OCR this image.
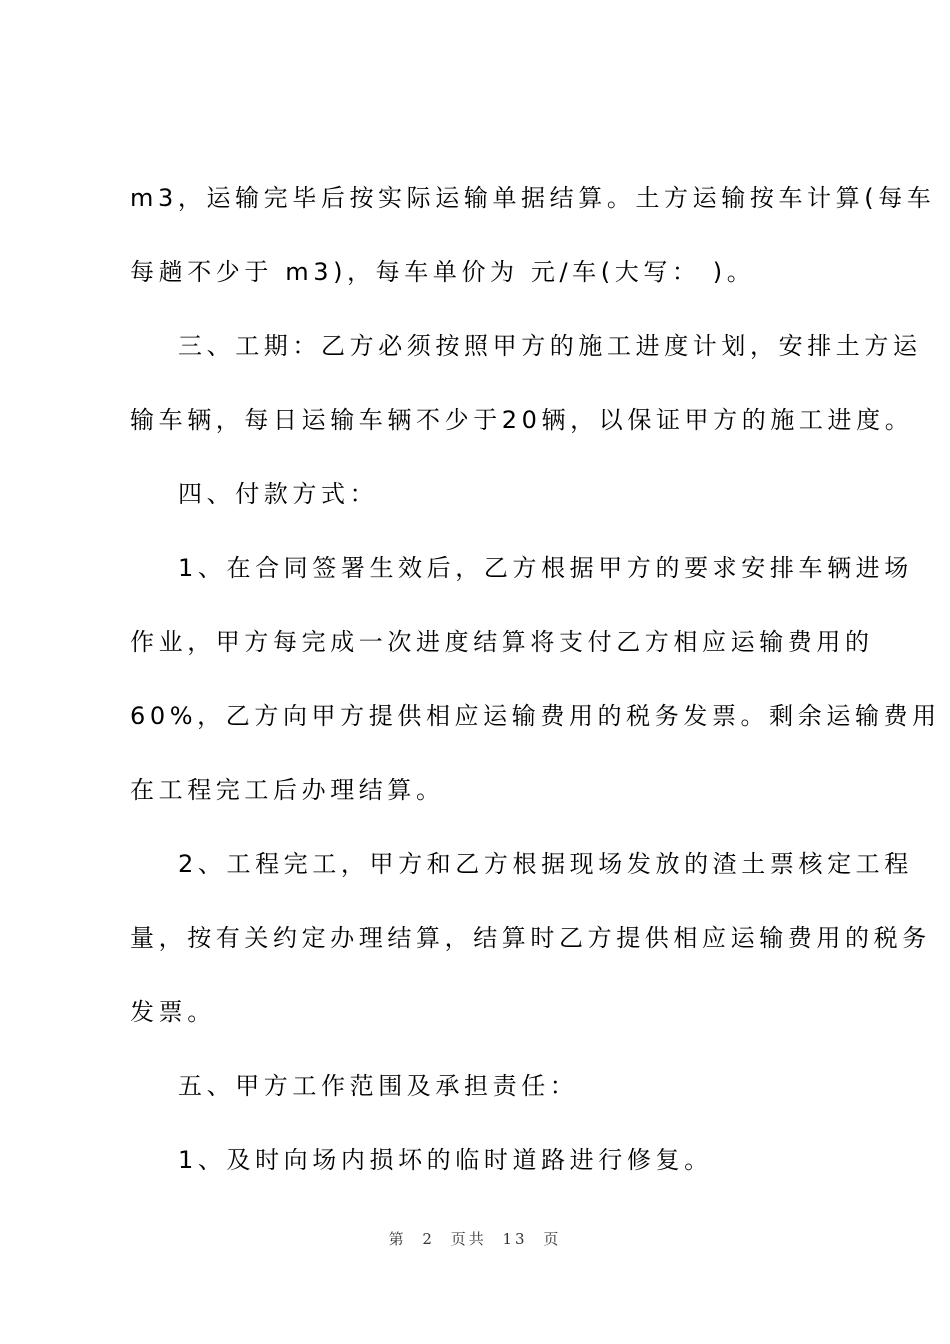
m3，运输完毕后按实际运输单据结算。土方运输按车计算(每车
每趟不少于 m3)，每车单价为 元/车(大写： )。
三、工期：乙方必须按照甲方的施工进度计划，安排土方运
输车辆，每日运输车辆不少于20辆，以保证甲方的施工进度。
四、付款方式：
1、在合同签署生效后，乙方根据甲方的要求安排车辆进场
作业，甲方每完成一次进度结算将支付乙方相应运输费用的
60%，乙方向甲方提供相应运输费用的税务发票。剩余运输费用
在工程完工后办理结算。
2、工程完工，甲方和乙方根据现场发放的渣土票核定工程
量，按有关约定办理结算，结算时乙方提供相应运输费用的税务
发票。
五、甲方工作范围及承担责任：
1、及时向场内损坏的临时道路进行修复。
第 2 页共 13 页
